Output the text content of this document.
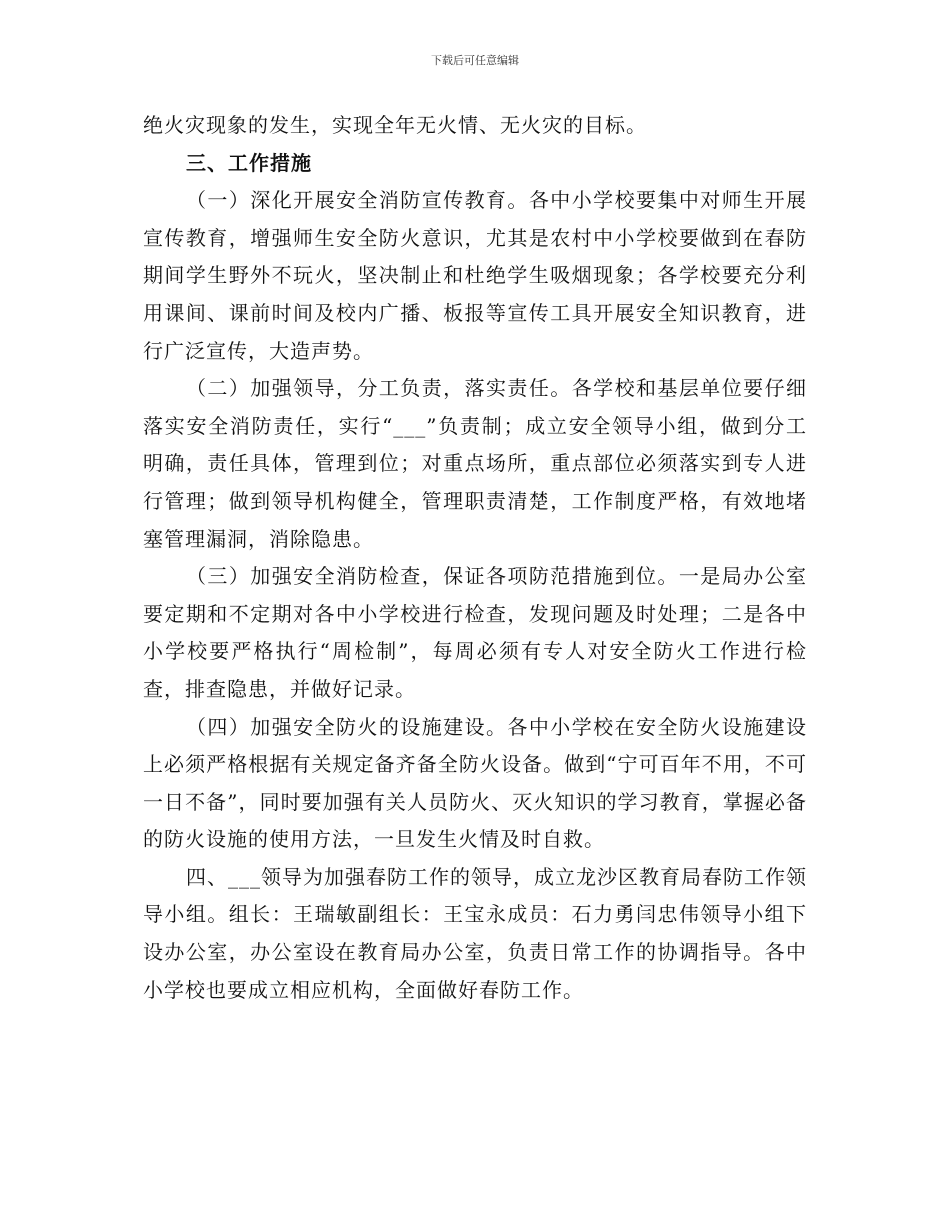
下载后可任意编辑

绝火灾现象的发生，实现全年无火情、无火灾的目标。

三、工作措施

（一）深化开展安全消防宣传教育。各中小学校要集中对师生开展宣传教育，增强师生安全防火意识，尤其是农村中小学校要做到在春防期间学生野外不玩火，坚决制止和杜绝学生吸烟现象；各学校要充分利用课间、课前时间及校内广播、板报等宣传工具开展安全知识教育，进行广泛宣传，大造声势。

（二）加强领导，分工负责，落实责任。各学校和基层单位要仔细落实安全消防责任，实行“___”负责制；成立安全领导小组，做到分工明确，责任具体，管理到位；对重点场所，重点部位必须落实到专人进行管理；做到领导机构健全，管理职责清楚，工作制度严格，有效地堵塞管理漏洞，消除隐患。

（三）加强安全消防检查，保证各项防范措施到位。一是局办公室要定期和不定期对各中小学校进行检查，发现问题及时处理；二是各中小学校要严格执行“周检制”，每周必须有专人对安全防火工作进行检查，排查隐患，并做好记录。

（四）加强安全防火的设施建设。各中小学校在安全防火设施建设上必须严格根据有关规定备齐备全防火设备。做到“宁可百年不用，不可一日不备”，同时要加强有关人员防火、灭火知识的学习教育，掌握必备的防火设施的使用方法，一旦发生火情及时自救。

四、___领导为加强春防工作的领导，成立龙沙区教育局春防工作领导小组。组长：王瑞敏副组长：王宝永成员：石力勇闫忠伟领导小组下设办公室，办公室设在教育局办公室，负责日常工作的协调指导。各中小学校也要成立相应机构，全面做好春防工作。
